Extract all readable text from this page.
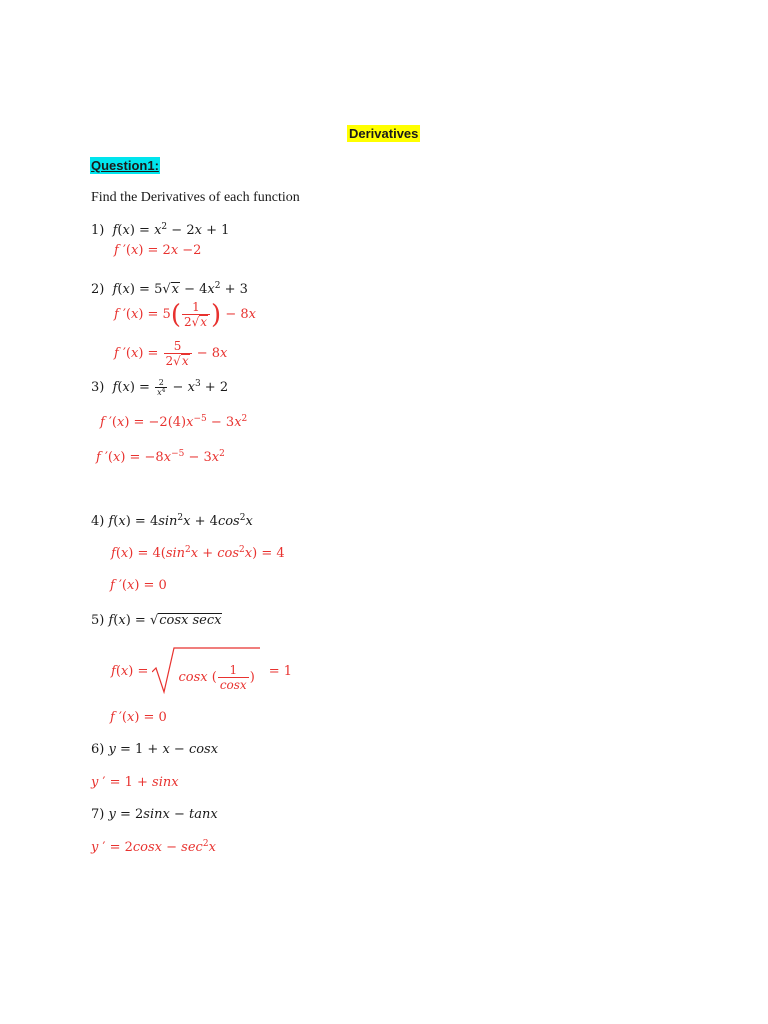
Derivatives
Question1:
Find the Derivatives of each function
1) $f(x) = x^2 - 2x + 1$
f ′(x) = 2x −2
2) $f(x) = 5√x - 4x^2 + 3$
f $'(x) = 5( \frac{1}{2√x}$ ) − 8x
f $'(x) = \frac{5}{2√x} - 8x$
3) $f(x) = \frac{2}{x^4} - x^3 + 2$
f $'(x) = -2(4)x^{-5} - 3x^2$
f $'(x) = -8x^{-5} - 3x^2$
4) $f(x) = 4\sin^2x + 4\cos^2x$
$f(x) = 4(\sin^2x + \cos^2x) = 4$
f ′(x) = 0
5) f(x) = √cosx secx
f(x) = cosx ( $\frac{1}{\cos x}$ ) = 1
f ′(x) = 0
6) y = 1 + x − cosx
y ′ = 1 + sinx
7) y = 2sinx − tanx
y ′ = $2\cos x - \sec^2x$
